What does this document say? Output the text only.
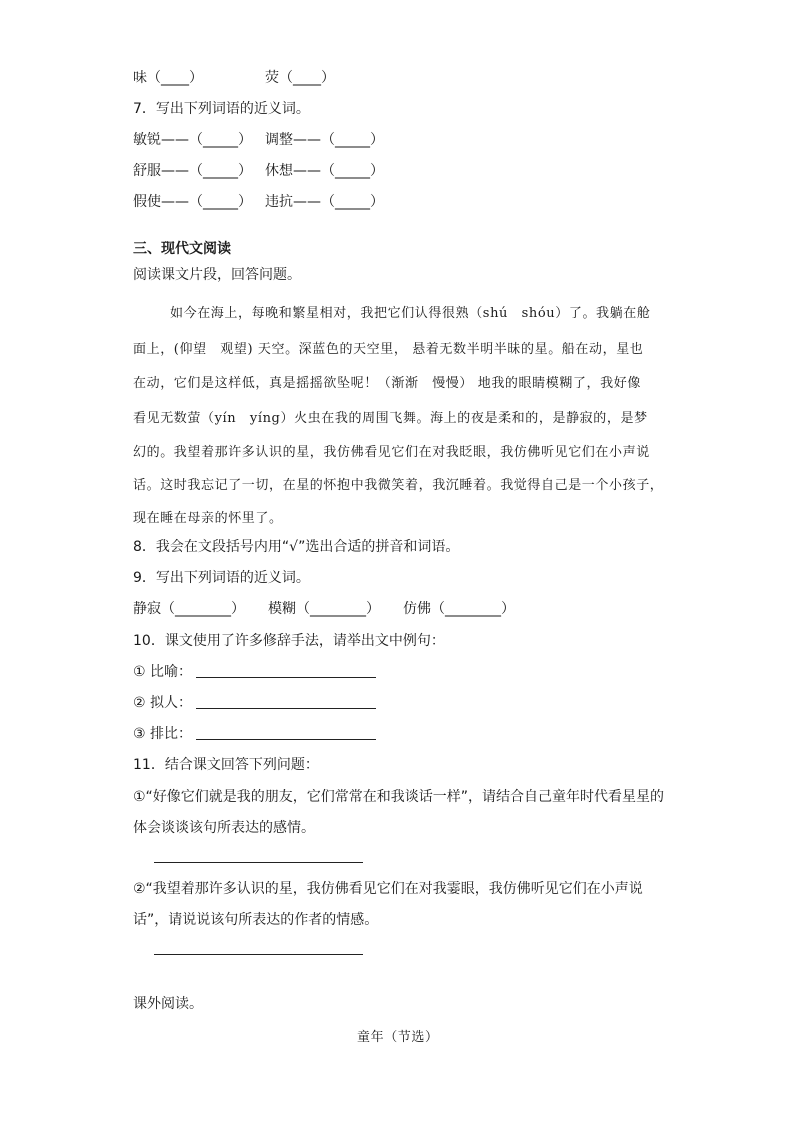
味（____）	荧（____）
7．写出下列词语的近义词。
敏锐——（_____） 调整——（_____）
舒服——（_____） 休想——（_____）
假使——（_____） 违抗——（_____）
三、现代文阅读
阅读课文片段，回答问题。
如今在海上，每晚和繁星相对，我把它们认得很熟（shú　shóu）了。我躺在舱
面上，(仰望　观望) 天空。深蓝色的天空里， 悬着无数半明半昧的星。船在动，星也
在动，它们是这样低，真是摇摇欲坠呢！（渐渐　慢慢） 地我的眼睛模糊了，我好像
看见无数萤（yín　yíng）火虫在我的周围飞舞。海上的夜是柔和的，是静寂的，是梦
幻的。我望着那许多认识的星，我仿佛看见它们在对我眨眼，我仿佛听见它们在小声说
话。这时我忘记了一切，在星的怀抱中我微笑着，我沉睡着。我觉得自己是一个小孩子，
现在睡在母亲的怀里了。
8．我会在文段括号内用“√”选出合适的拼音和词语。
9．写出下列词语的近义词。
静寂（________） 模糊（________） 仿佛（________）
10．课文使用了许多修辞手法，请举出文中例句：
① 比喻：
② 拟人：
③ 排比：
11．结合课文回答下列问题：
①“好像它们就是我的朋友，它们常常在和我谈话一样”，请结合自己童年时代看星星的
体会谈谈该句所表达的感情。
②“我望着那许多认识的星，我仿佛看见它们在对我霎眼，我仿佛听见它们在小声说
话”，请说说该句所表达的作者的情感。
课外阅读。
童年（节选）
